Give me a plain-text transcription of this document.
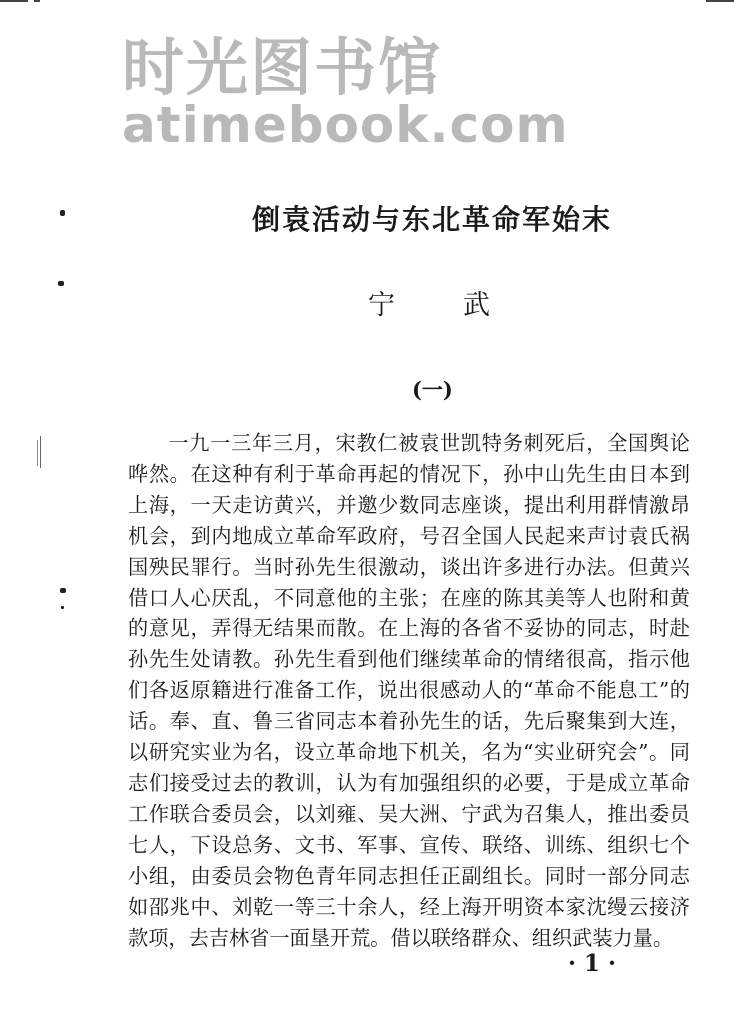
时光图书馆
atimebook.com
倒袁活动与东北革命军始末
宁	武
(一)
一九一三年三月，宋教仁被袁世凯特务刺死后，全国舆论哗然。在这种有利于革命再起的情况下，孙中山先生由日本到上海，一天走访黄兴，并邀少数同志座谈，提出利用群情激昂机会，到内地成立革命军政府，号召全国人民起来声讨袁氏祸国殃民罪行。当时孙先生很激动，谈出许多进行办法。但黄兴借口人心厌乱，不同意他的主张；在座的陈其美等人也附和黄的意见，弄得无结果而散。在上海的各省不妥协的同志，时赴孙先生处请教。孙先生看到他们继续革命的情绪很高，指示他们各返原籍进行准备工作，说出很感动人的“革命不能息工”的话。奉、直、鲁三省同志本着孙先生的话，先后聚集到大连，以研究实业为名，设立革命地下机关，名为“实业研究会”。同志们接受过去的教训，认为有加强组织的必要，于是成立革命工作联合委员会，以刘雍、吴大洲、宁武为召集人，推出委员七人，下设总务、文书、军事、宣传、联络、训练、组织七个小组，由委员会物色青年同志担任正副组长。同时一部分同志如邵兆中、刘乾一等三十余人，经上海开明资本家沈缦云接济款项，去吉林省一面垦开荒。借以联络群众、组织武装力量。
· 1 ·
